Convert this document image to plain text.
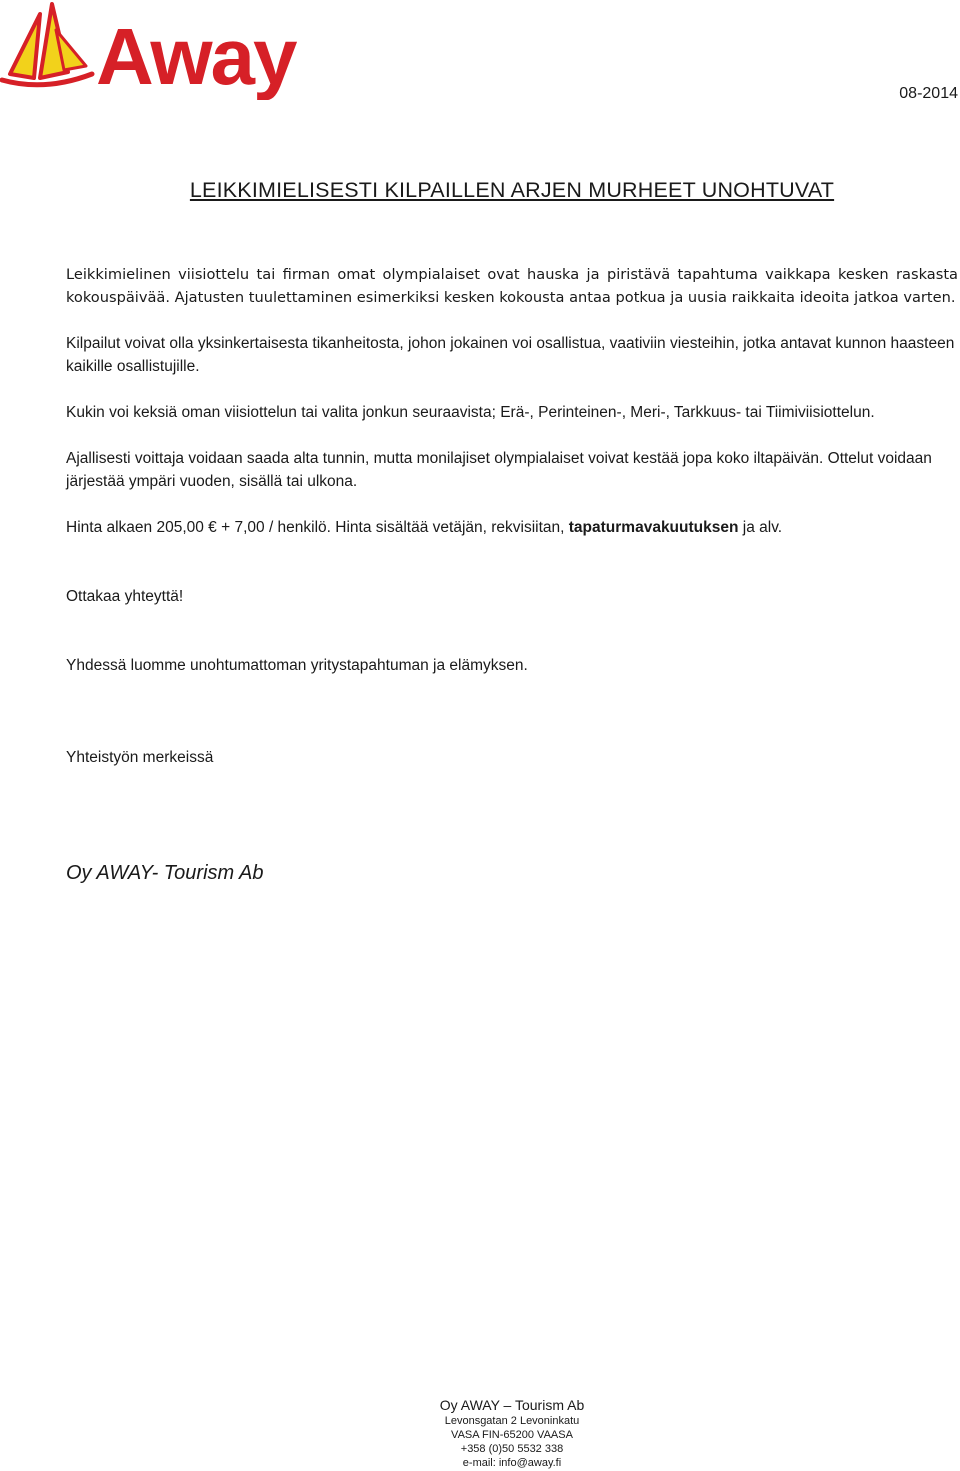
Away	08-2014
LEIKKIMIELISESTI KILPAILLEN ARJEN MURHEET UNOHTUVAT

Leikkimielinen viisiottelu tai firman omat olympialaiset ovat hauska ja piristävä tapahtuma vaikkapa kesken raskasta kokouspäivää. Ajatusten tuulettaminen esimerkiksi kesken kokousta antaa potkua ja uusia raikkaita ideoita jatkoa varten.

Kilpailut voivat olla yksinkertaisesta tikanheitosta, johon jokainen voi osallistua, vaativiin viesteihin, jotka antavat kunnon haasteen kaikille osallistujille.

Kukin voi keksiä oman viisiottelun tai valita jonkun seuraavista; Erä-, Perinteinen-, Meri-, Tarkkuus- tai Tiimiviisiottelun.

Ajallisesti voittaja voidaan saada alta tunnin, mutta monilajiset olympialaiset voivat kestää jopa koko iltapäivän. Ottelut voidaan järjestää ympäri vuoden, sisällä tai ulkona.

Hinta alkaen 205,00 € + 7,00 / henkilö. Hinta sisältää vetäjän, rekvisiitan, tapaturmavakuutuksen ja alv.

Ottakaa yhteyttä!

Yhdessä luomme unohtumattoman yritystapahtuman ja elämyksen.

Yhteistyön merkeissä

Oy AWAY- Tourism Ab
Oy AWAY – Tourism Ab
Levonsgatan 2 Levoninkatu
VASA FIN-65200 VAASA
+358 (0)50 5532 338
e-mail: info@away.fi
